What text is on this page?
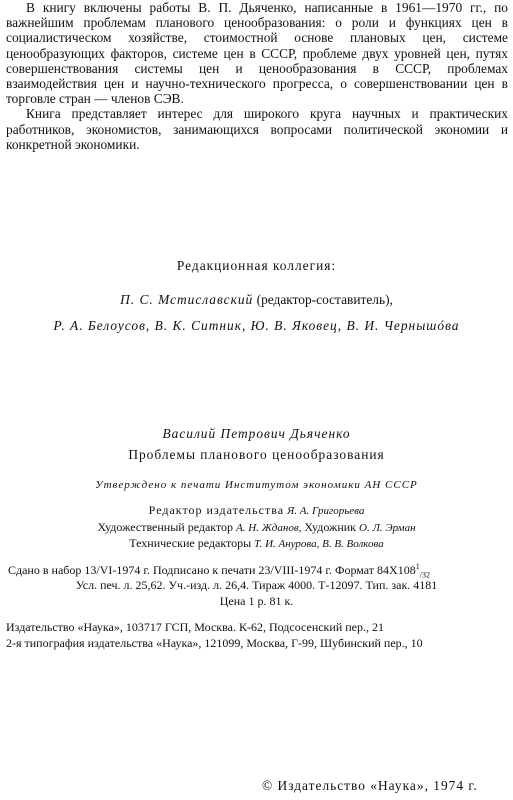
В книгу включены работы В. П. Дьяченко, написанные в 1961—1970 гг., по важнейшим проблемам планового ценообразования: о роли и функциях цен в социалистическом хозяйстве, стоимостной основе плановых цен, системе ценообразующих факторов, системе цен в СССР, проблеме двух уровней цен, путях совершенствования системы цен и ценообразования в СССР, проблемах взаимодействия цен и научно-технического прогресса, о совершенствовании цен в торговле стран — членов СЭВ.

Книга представляет интерес для широкого круга научных и практических работников, экономистов, занимающихся вопросами политической экономии и конкретной экономики.

Редакционная коллегия:
П. С. Мстиславский (редактор-составитель),
Р. А. Белоусов, В. К. Ситник, Ю. В. Яковец, В. И. Чернышóва
Василий Петрович Дьяченко
Проблемы планового ценообразования
Утверждено к печати Институтом экономики АН СССР
Редактор издательства Я. А. Григорьева
Художественный редактор А. Н. Жданов, Художник О. Л. Эрман
Технические редакторы Т. И. Анурова, В. В. Волкова
Сдано в набор 13/VI-1974 г. Подписано к печати 23/VIII-1974 г. Формат $84Х108^1_{/32}$
Усл. печ. л. 25,62. Уч.-изд. л. 26,4. Тираж 4000. Т-12097. Тип. зак. 4181
Цена 1 р. 81 к.
Издательство «Наука», 103717 ГСП, Москва. К-62, Подсосенский пер., 21
2-я типография издательства «Наука», 121099, Москва, Г-99, Шубинский пер., 10
© Издательство «Наука», 1974 г.
